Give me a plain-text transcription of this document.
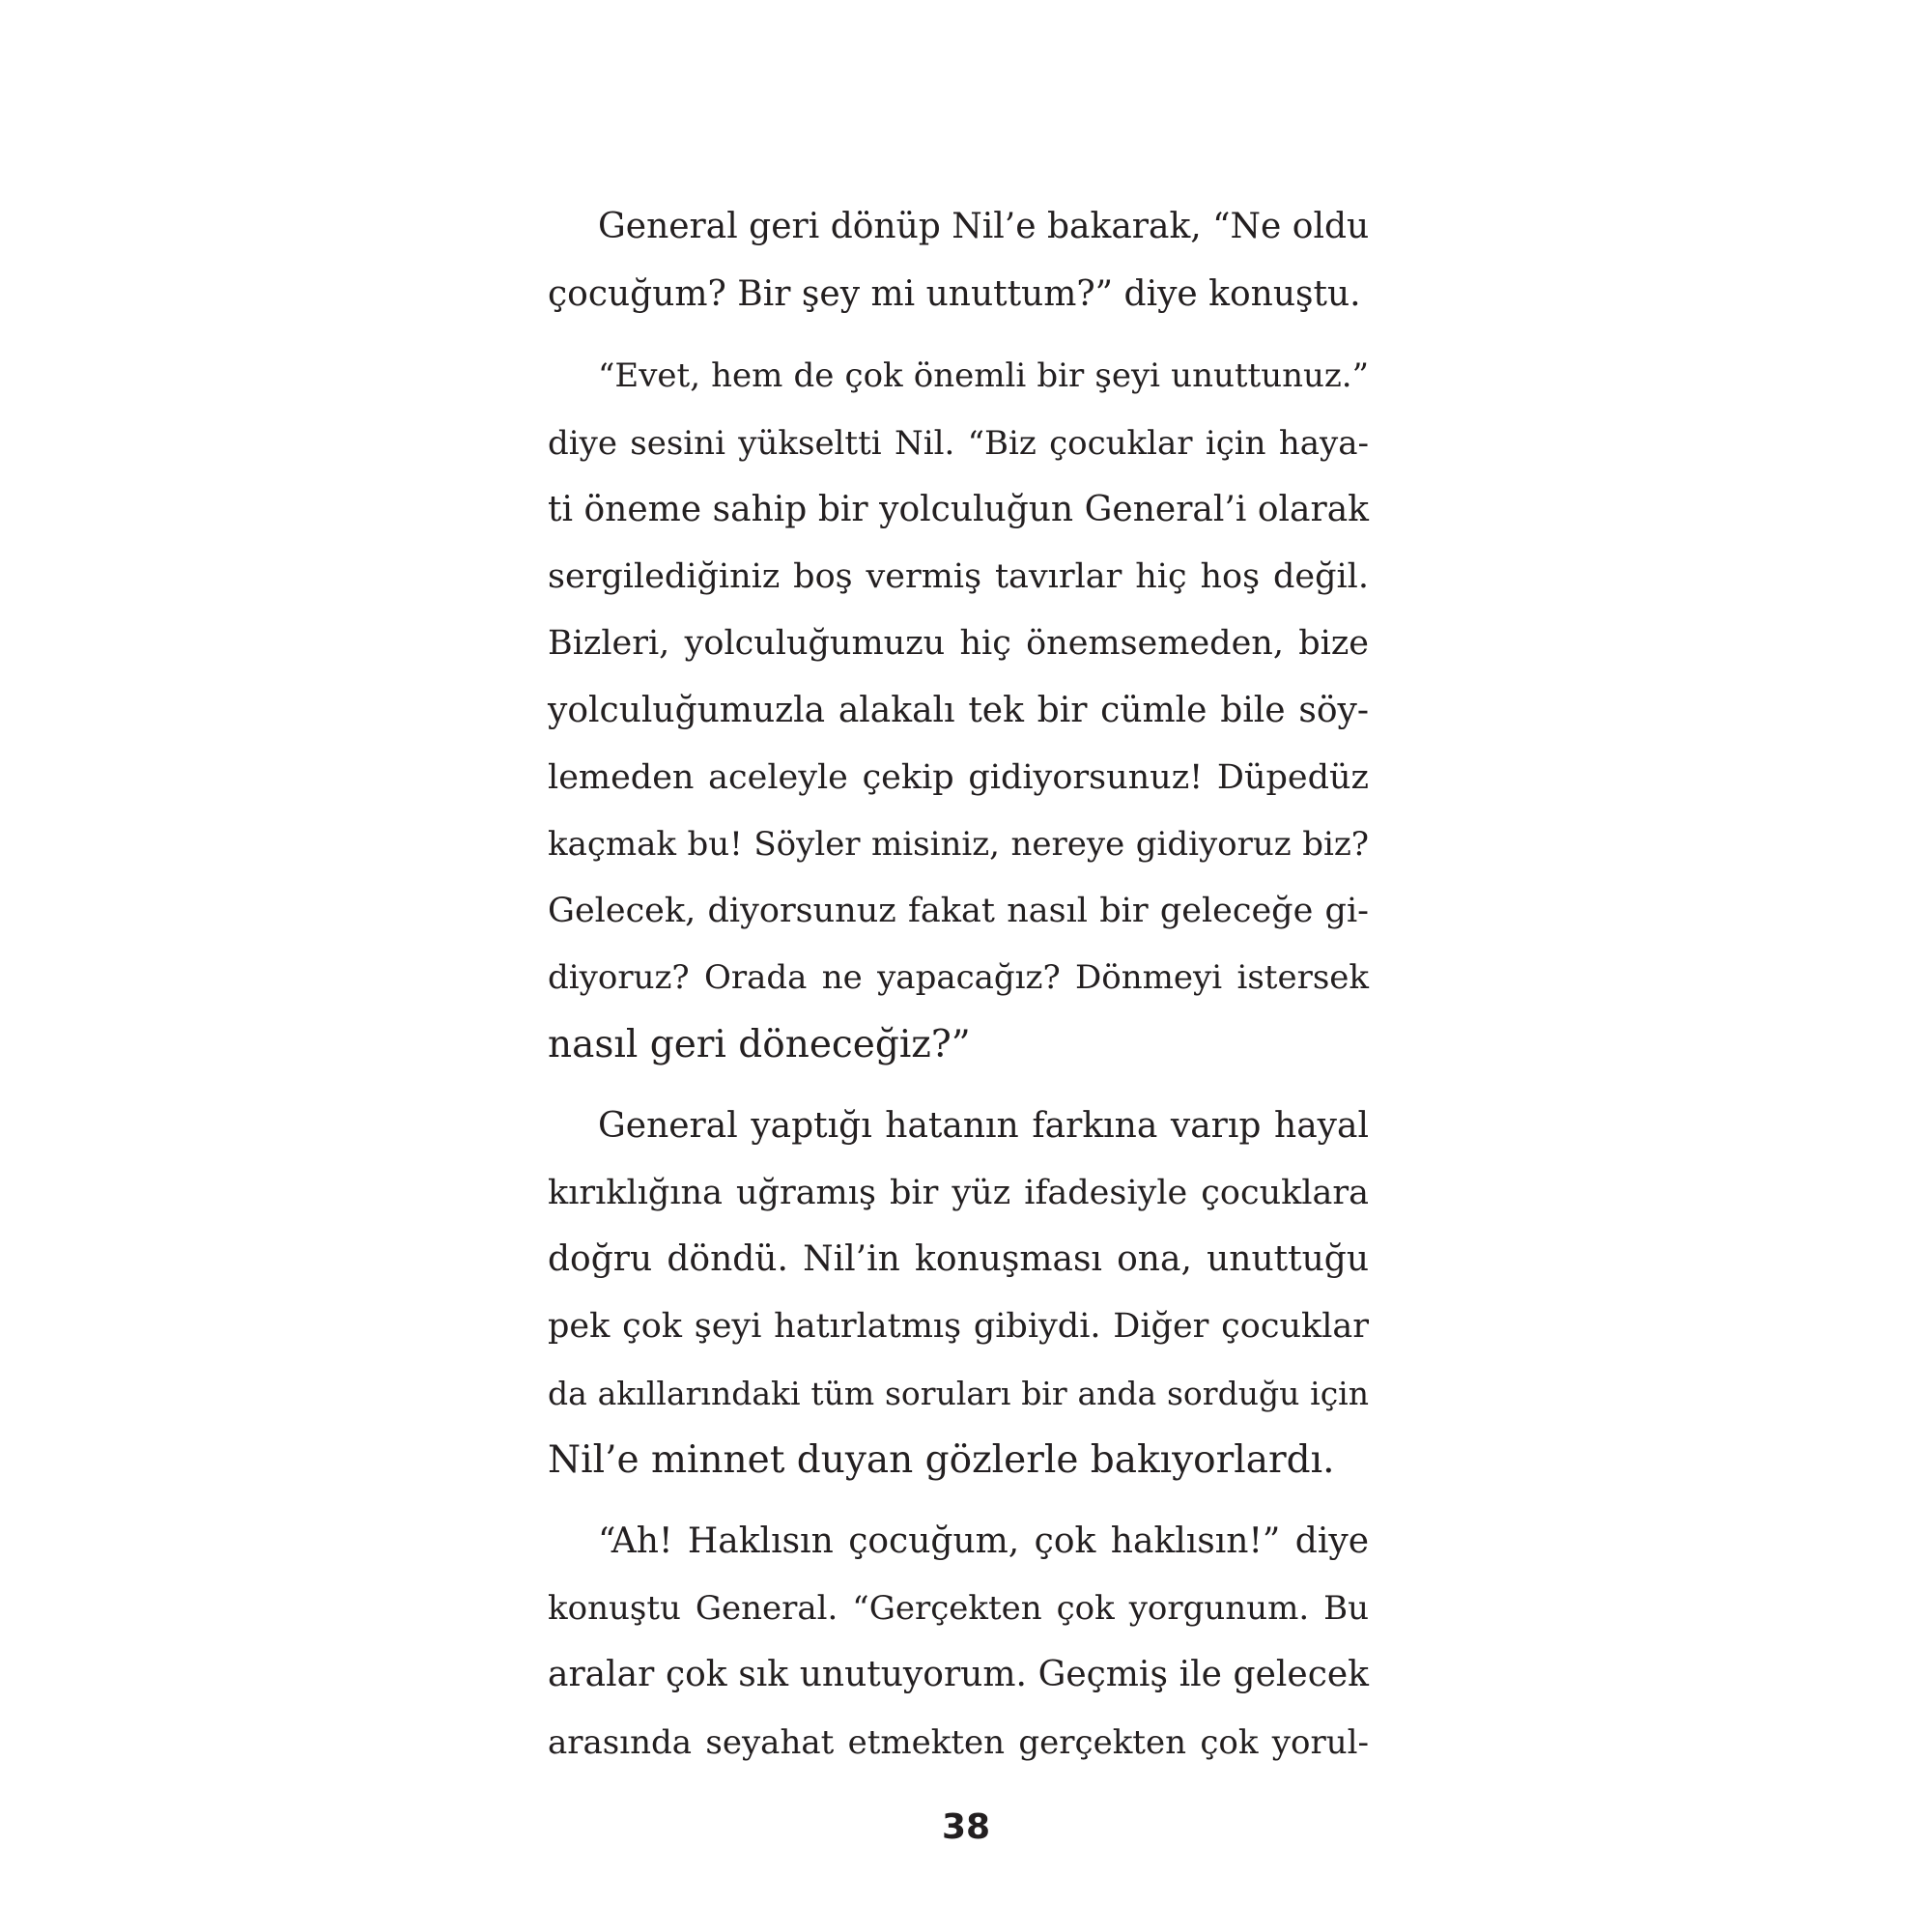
General geri dönüp Nil’e bakarak, “Ne oldu
çocuğum? Bir şey mi unuttum?” diye konuştu.
“Evet, hem de çok önemli bir şeyi unuttunuz.”
diye sesini yükseltti Nil. “Biz çocuklar için haya-
ti öneme sahip bir yolculuğun General’i olarak
sergilediğiniz boş vermiş tavırlar hiç hoş değil.
Bizleri, yolculuğumuzu hiç önemsemeden, bize
yolculuğumuzla alakalı tek bir cümle bile söy-
lemeden aceleyle çekip gidiyorsunuz! Düpedüz
kaçmak bu! Söyler misiniz, nereye gidiyoruz biz?
Gelecek, diyorsunuz fakat nasıl bir geleceğe gi-
diyoruz? Orada ne yapacağız? Dönmeyi istersek
nasıl geri döneceğiz?”
General yaptığı hatanın farkına varıp hayal
kırıklığına uğramış bir yüz ifadesiyle çocuklara
doğru döndü. Nil’in konuşması ona, unuttuğu
pek çok şeyi hatırlatmış gibiydi. Diğer çocuklar
da akıllarındaki tüm soruları bir anda sorduğu için
Nil’e minnet duyan gözlerle bakıyorlardı.
“Ah! Haklısın çocuğum, çok haklısın!” diye
konuştu General. “Gerçekten çok yorgunum. Bu
aralar çok sık unutuyorum. Geçmiş ile gelecek
arasında seyahat etmekten gerçekten çok yorul-
38
